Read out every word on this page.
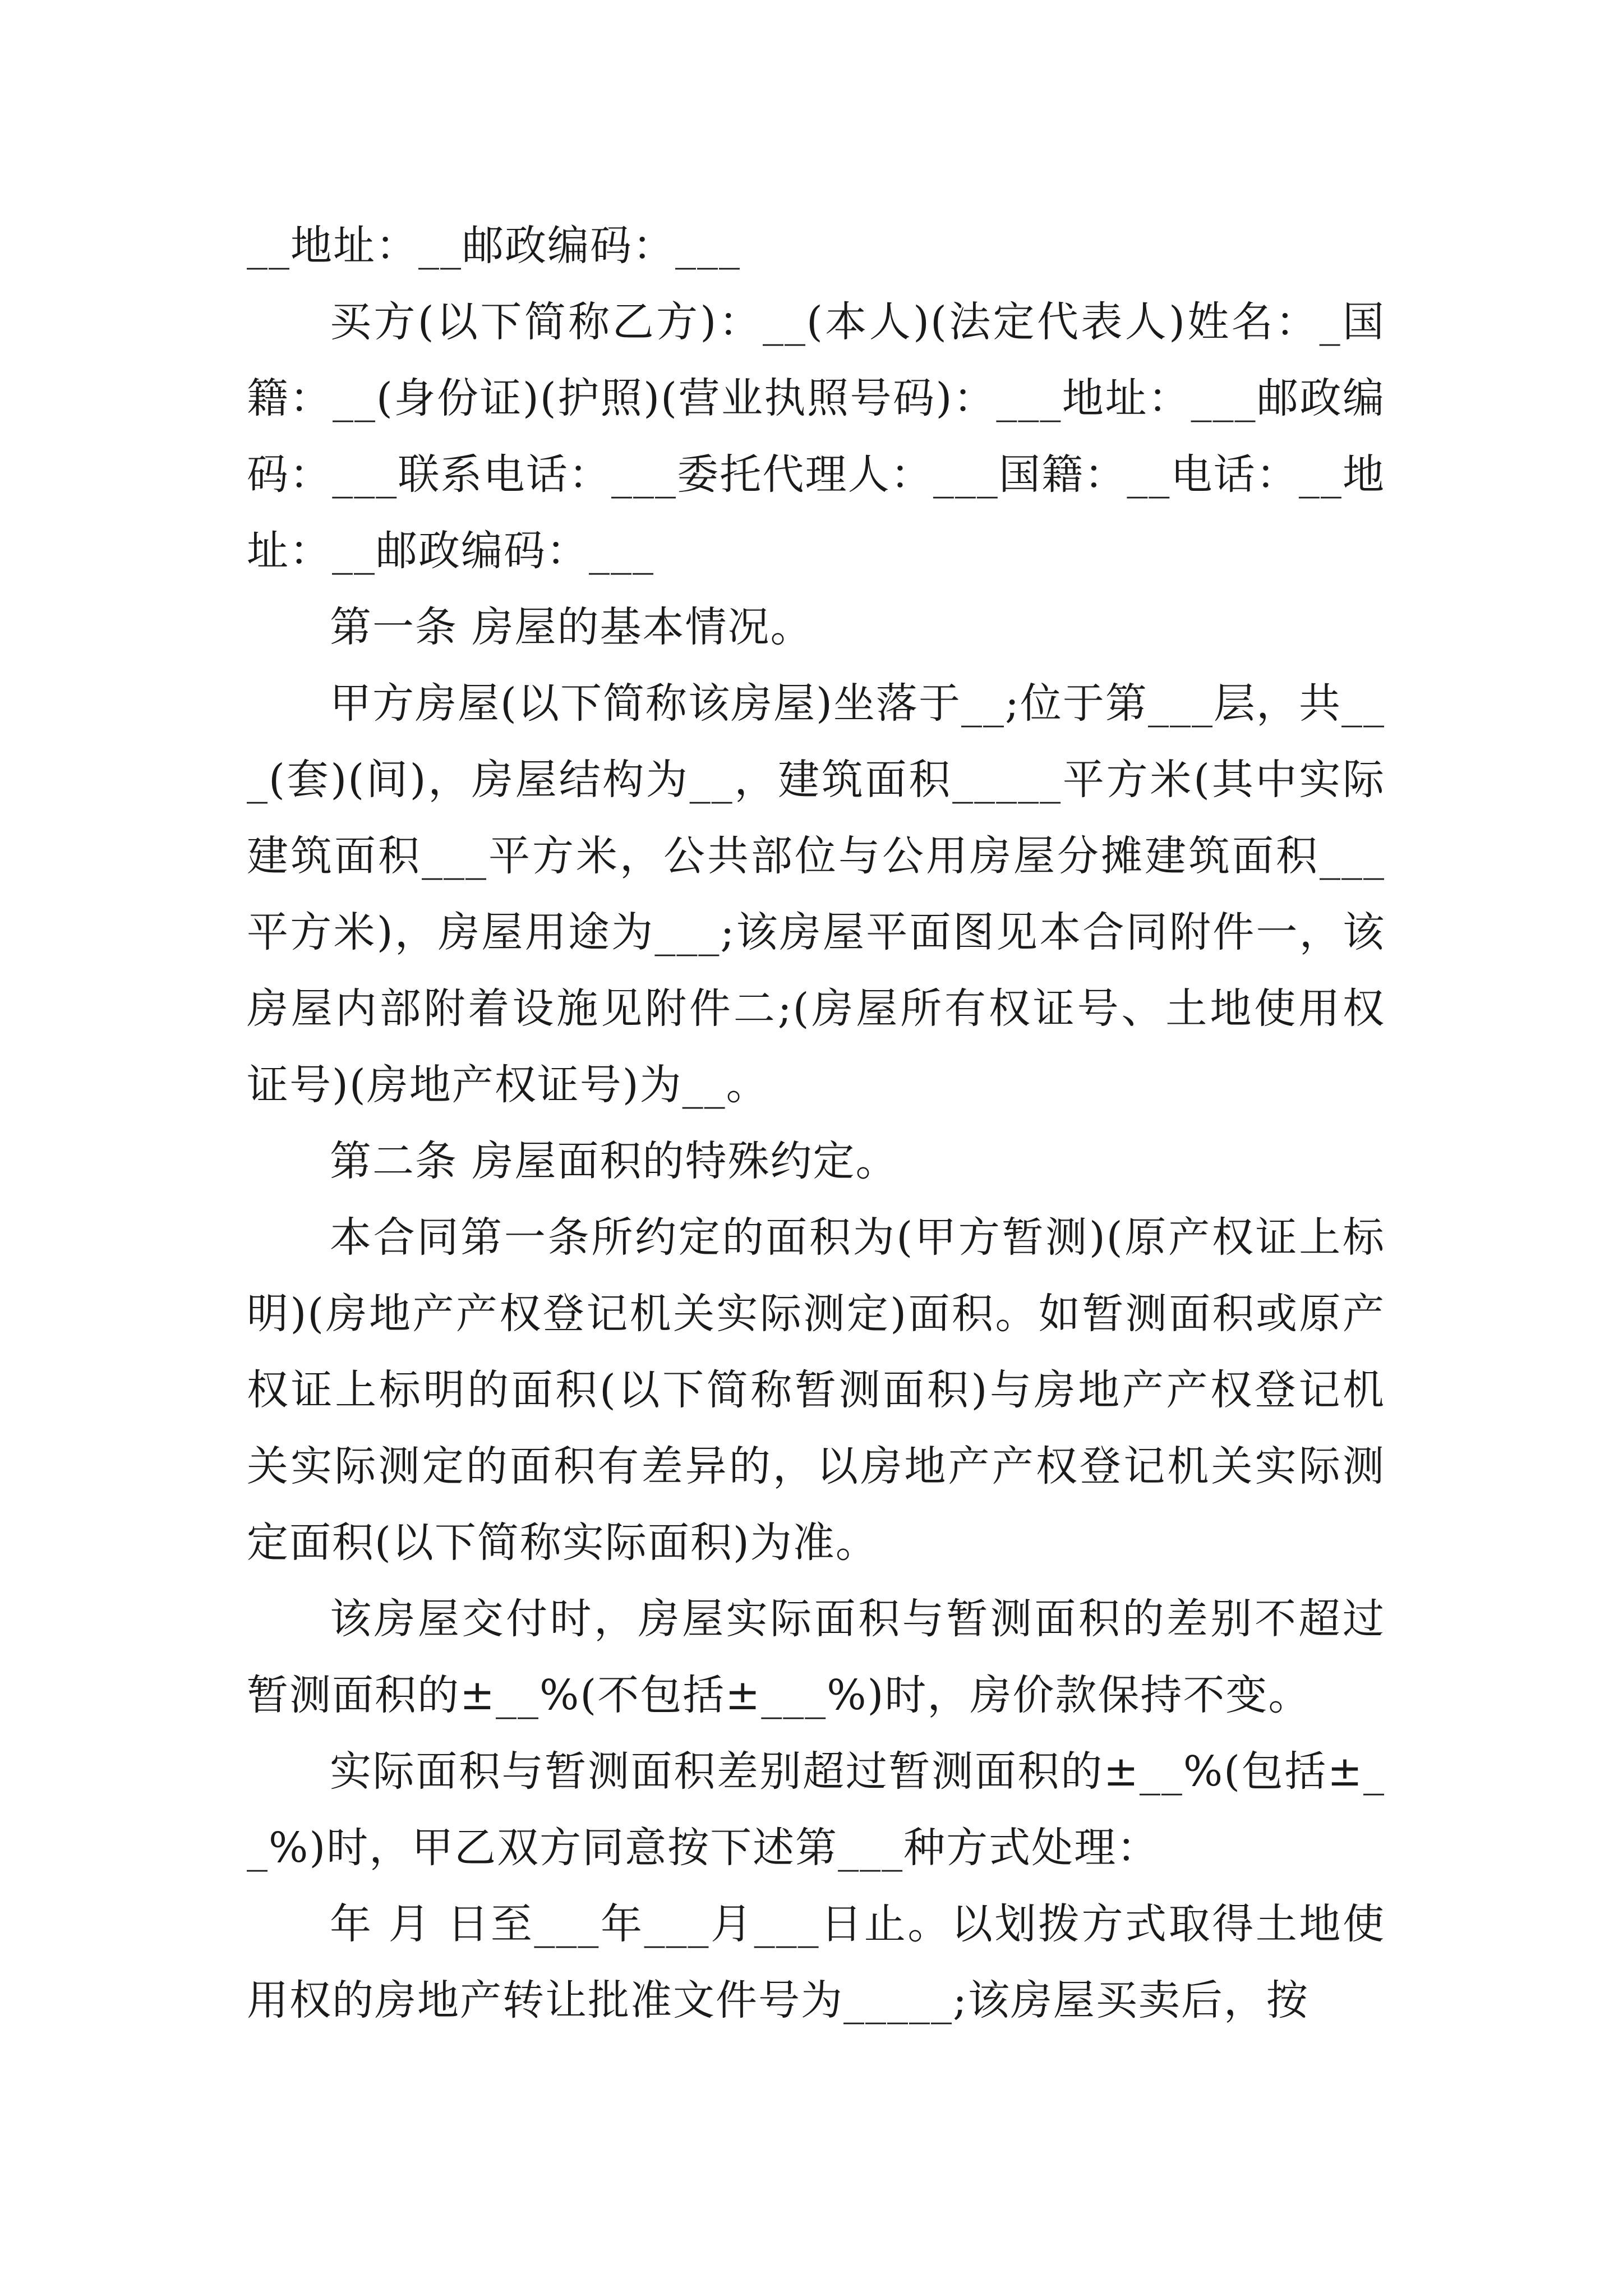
__地址：__邮政编码：___

买方(以下简称乙方)：__(本人)(法定代表人)姓名：_国籍：__(身份证)(护照)(营业执照号码)：___地址：___邮政编码：___联系电话：___委托代理人：___国籍：__电话：__地址：__邮政编码：___

第一条 房屋的基本情况。

甲方房屋(以下简称该房屋)坐落于__;位于第___层，共___(套)(间)，房屋结构为__，建筑面积_____平方米(其中实际建筑面积___平方米，公共部位与公用房屋分摊建筑面积___平方米)，房屋用途为___;该房屋平面图见本合同附件一，该房屋内部附着设施见附件二;(房屋所有权证号、土地使用权证号)(房地产权证号)为__。

第二条 房屋面积的特殊约定。

本合同第一条所约定的面积为(甲方暂测)(原产权证上标明)(房地产产权登记机关实际测定)面积。如暂测面积或原产权证上标明的面积(以下简称暂测面积)与房地产产权登记机关实际测定的面积有差异的，以房地产产权登记机关实际测定面积(以下简称实际面积)为准。

该房屋交付时，房屋实际面积与暂测面积的差别不超过暂测面积的±__%(不包括±___%)时，房价款保持不变。

实际面积与暂测面积差别超过暂测面积的±__%(包括±__%)时，甲乙双方同意按下述第___种方式处理：

年 月 日至___年___月___日止。以划拨方式取得土地使用权的房地产转让批准文件号为_____;该房屋买卖后，按
